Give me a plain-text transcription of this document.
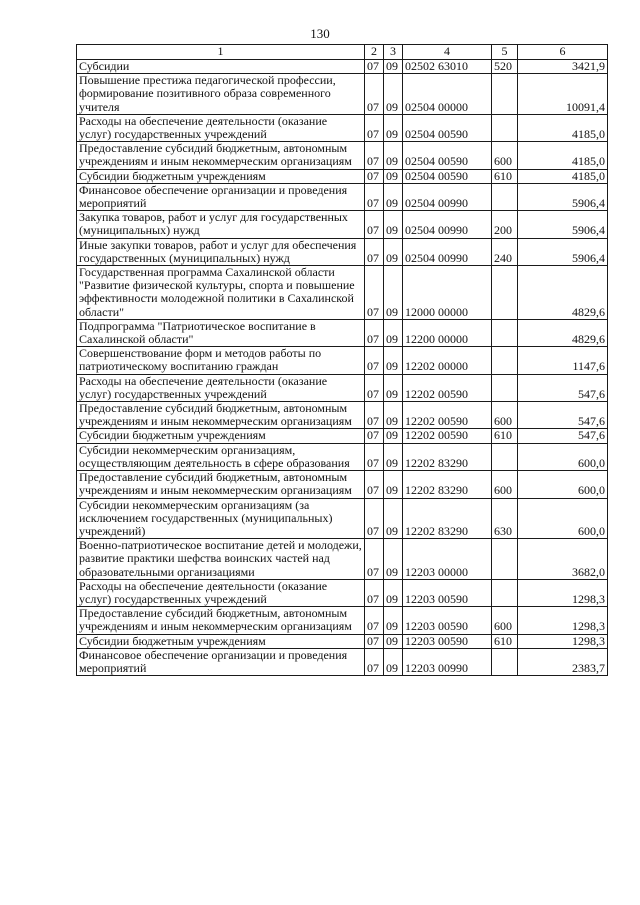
130
1	2	3	4	5	6
Субсидии	07	09	02502 63010	520	3421,9
Повышение престижа педагогической профессии, формирование позитивного образа современного учителя	07	09	02504 00000		10091,4
Расходы на обеспечение деятельности (оказание услуг) государственных учреждений	07	09	02504 00590		4185,0
Предоставление субсидий бюджетным, автономным учреждениям и иным некоммерческим организациям	07	09	02504 00590	600	4185,0
Субсидии бюджетным учреждениям	07	09	02504 00590	610	4185,0
Финансовое обеспечение организации и проведения мероприятий	07	09	02504 00990		5906,4
Закупка товаров, работ и услуг для государственных (муниципальных) нужд	07	09	02504 00990	200	5906,4
Иные закупки товаров, работ и услуг для обеспечения государственных (муниципальных) нужд	07	09	02504 00990	240	5906,4
Государственная программа Сахалинской области "Развитие физической культуры, спорта и повышение эффективности молодежной политики в Сахалинской области"	07	09	12000 00000		4829,6
Подпрограмма "Патриотическое воспитание в Сахалинской области"	07	09	12200 00000		4829,6
Совершенствование форм и методов работы по патриотическому воспитанию граждан	07	09	12202 00000		1147,6
Расходы на обеспечение деятельности (оказание услуг) государственных учреждений	07	09	12202 00590		547,6
Предоставление субсидий бюджетным, автономным учреждениям и иным некоммерческим организациям	07	09	12202 00590	600	547,6
Субсидии бюджетным учреждениям	07	09	12202 00590	610	547,6
Субсидии некоммерческим организациям, осуществляющим деятельность в сфере образования	07	09	12202 83290		600,0
Предоставление субсидий бюджетным, автономным учреждениям и иным некоммерческим организациям	07	09	12202 83290	600	600,0
Субсидии некоммерческим организациям (за исключением государственных (муниципальных) учреждений)	07	09	12202 83290	630	600,0
Военно-патриотическое воспитание детей и молодежи, развитие практики шефства воинских частей над образовательными организациями	07	09	12203 00000		3682,0
Расходы на обеспечение деятельности (оказание услуг) государственных учреждений	07	09	12203 00590		1298,3
Предоставление субсидий бюджетным, автономным учреждениям и иным некоммерческим организациям	07	09	12203 00590	600	1298,3
Субсидии бюджетным учреждениям	07	09	12203 00590	610	1298,3
Финансовое обеспечение организации и проведения мероприятий	07	09	12203 00990		2383,7
